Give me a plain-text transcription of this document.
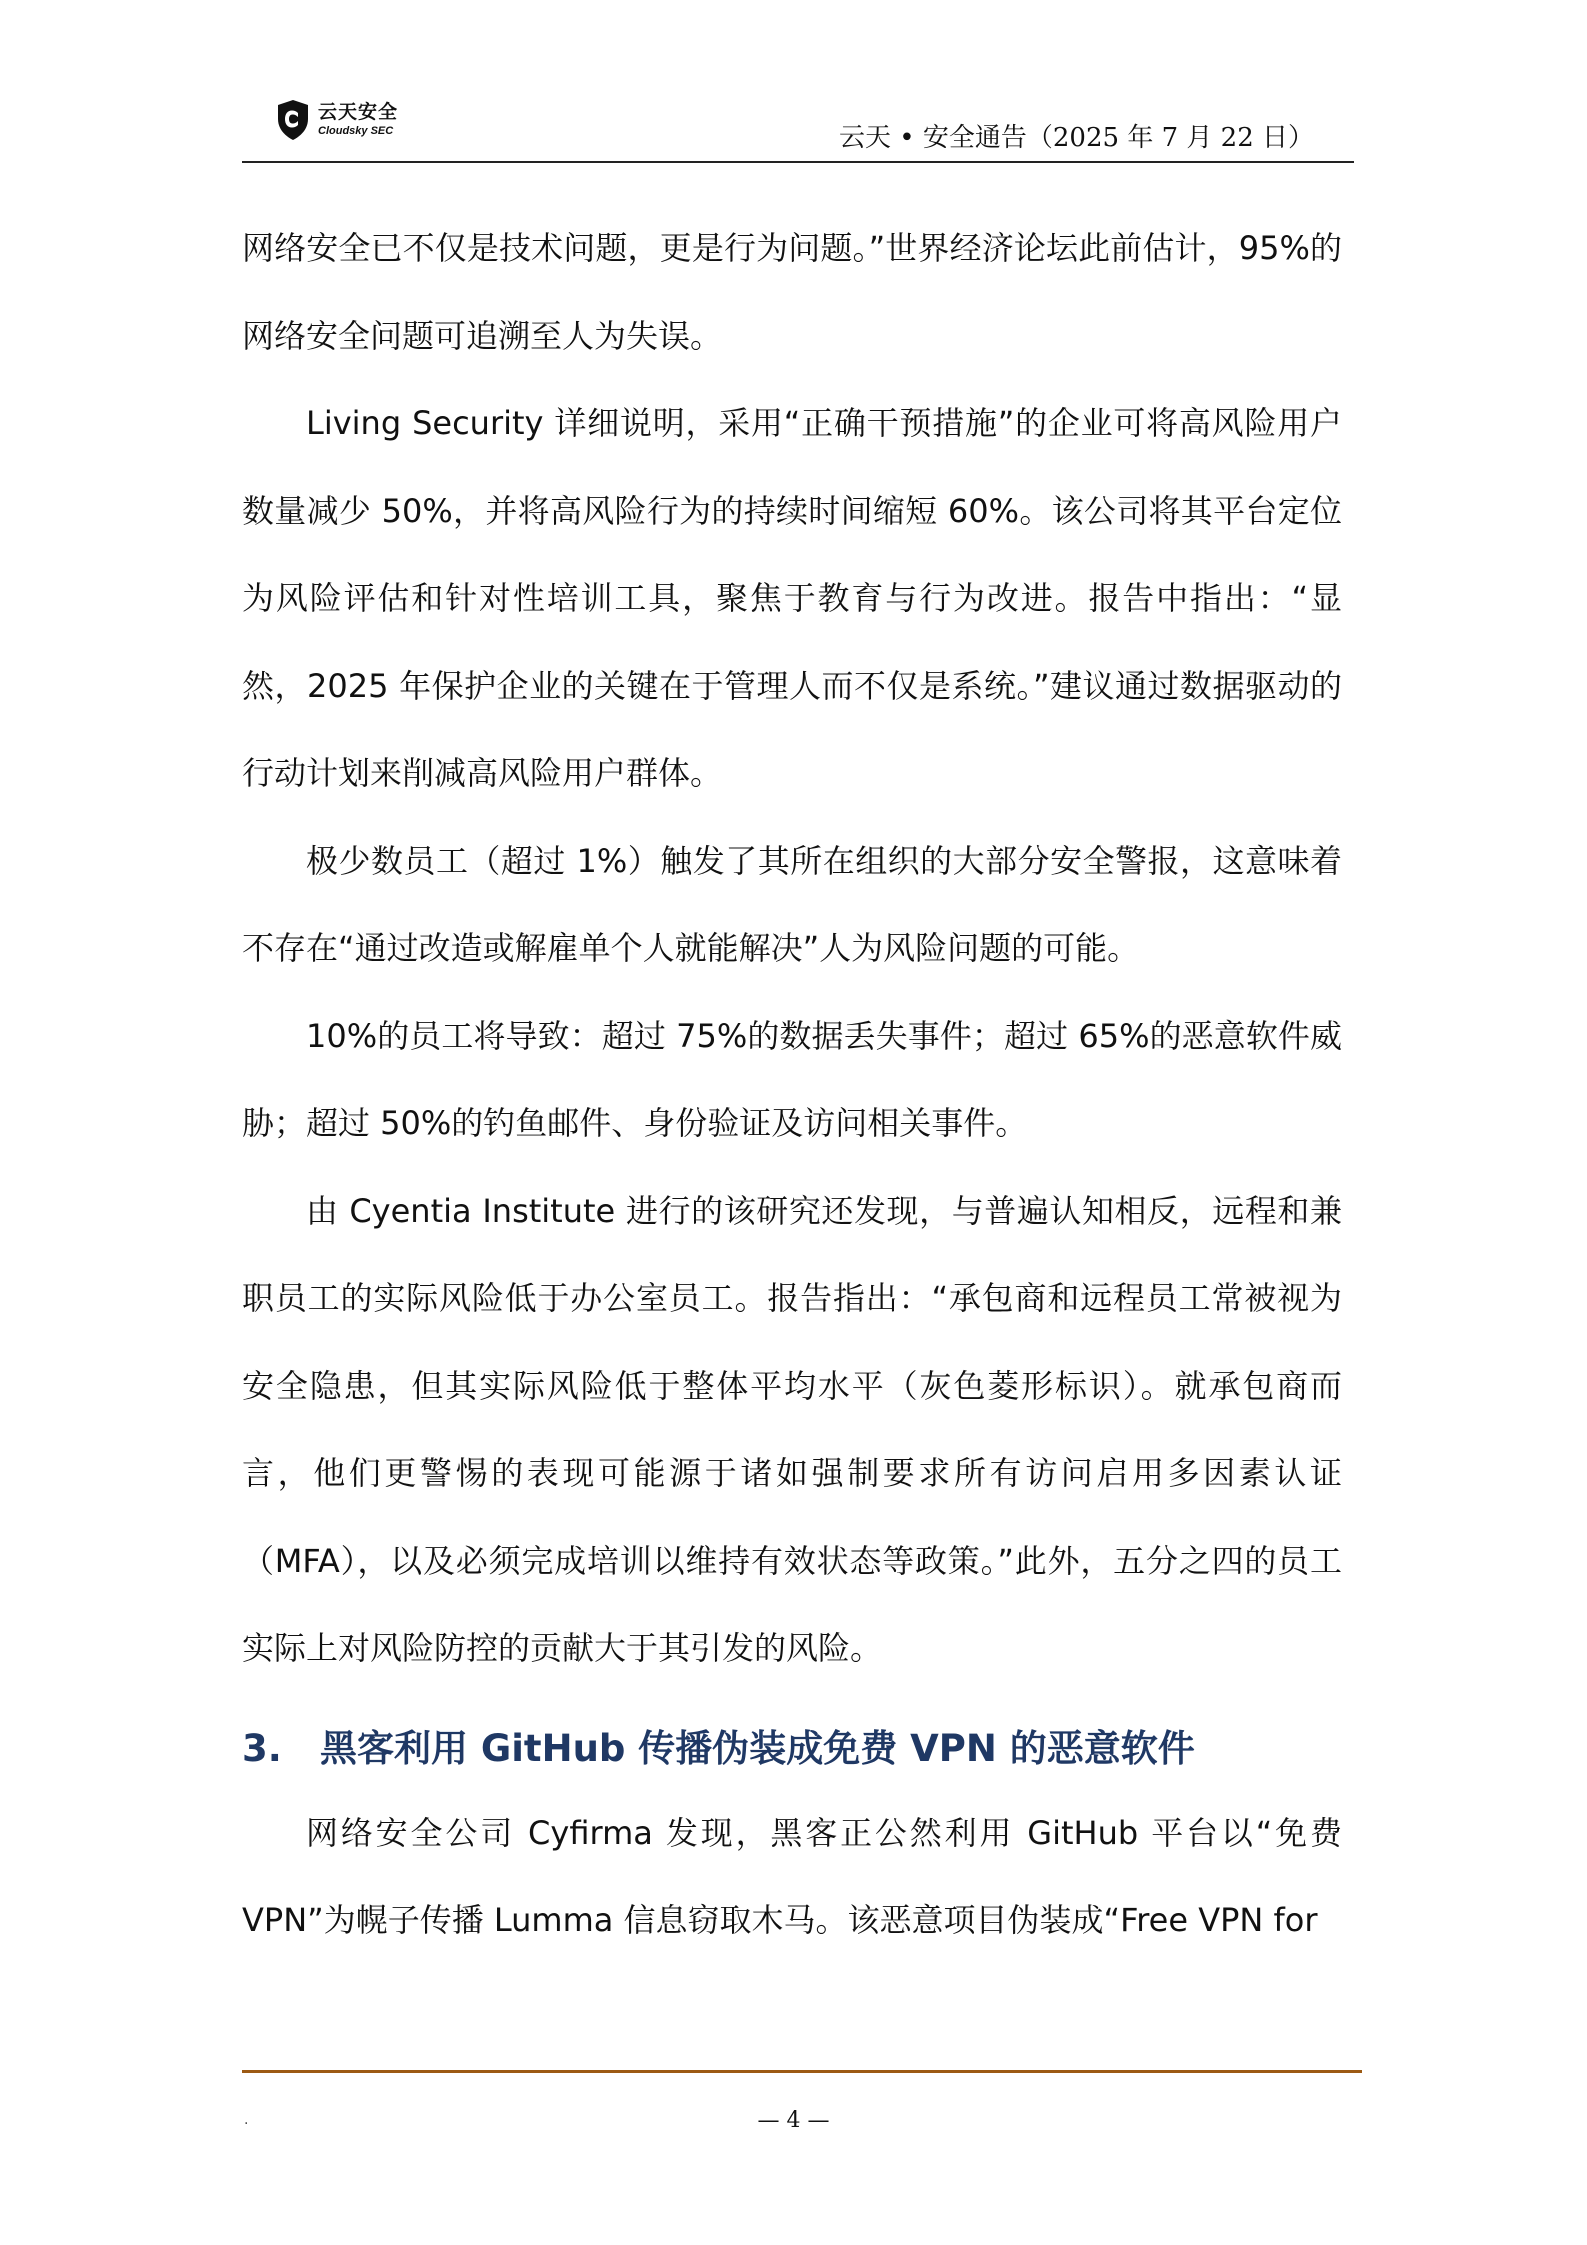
云天安全
Cloudsky SEC	云天 • 安全通告（2025 年 7 月 22 日）

网络安全已不仅是技术问题，更是行为问题。”世界经济论坛此前估计，95%的网络安全问题可追溯至人为失误。

Living Security 详细说明，采用“正确干预措施”的企业可将高风险用户数量减少 50%，并将高风险行为的持续时间缩短 60%。该公司将其平台定位为风险评估和针对性培训工具，聚焦于教育与行为改进。报告中指出：“显然，2025 年保护企业的关键在于管理人而不仅是系统。”建议通过数据驱动的行动计划来削减高风险用户群体。

极少数员工（超过 1%）触发了其所在组织的大部分安全警报，这意味着不存在“通过改造或解雇单个人就能解决”人为风险问题的可能。

10%的员工将导致：超过 75%的数据丢失事件；超过 65%的恶意软件威胁；超过 50%的钓鱼邮件、身份验证及访问相关事件。

由 Cyentia Institute 进行的该研究还发现，与普遍认知相反，远程和兼职员工的实际风险低于办公室员工。报告指出：“承包商和远程员工常被视为安全隐患，但其实际风险低于整体平均水平（灰色菱形标识）。就承包商而言，他们更警惕的表现可能源于诸如强制要求所有访问启用多因素认证（MFA），以及必须完成培训以维持有效状态等政策。”此外，五分之四的员工实际上对风险防控的贡献大于其引发的风险。

3.	黑客利用 GitHub 传播伪装成免费 VPN 的恶意软件

网络安全公司 Cyfirma 发现，黑客正公然利用 GitHub 平台以“免费VPN”为幌子传播 Lumma 信息窃取木马。该恶意项目伪装成“Free VPN for

.	— 4 —
